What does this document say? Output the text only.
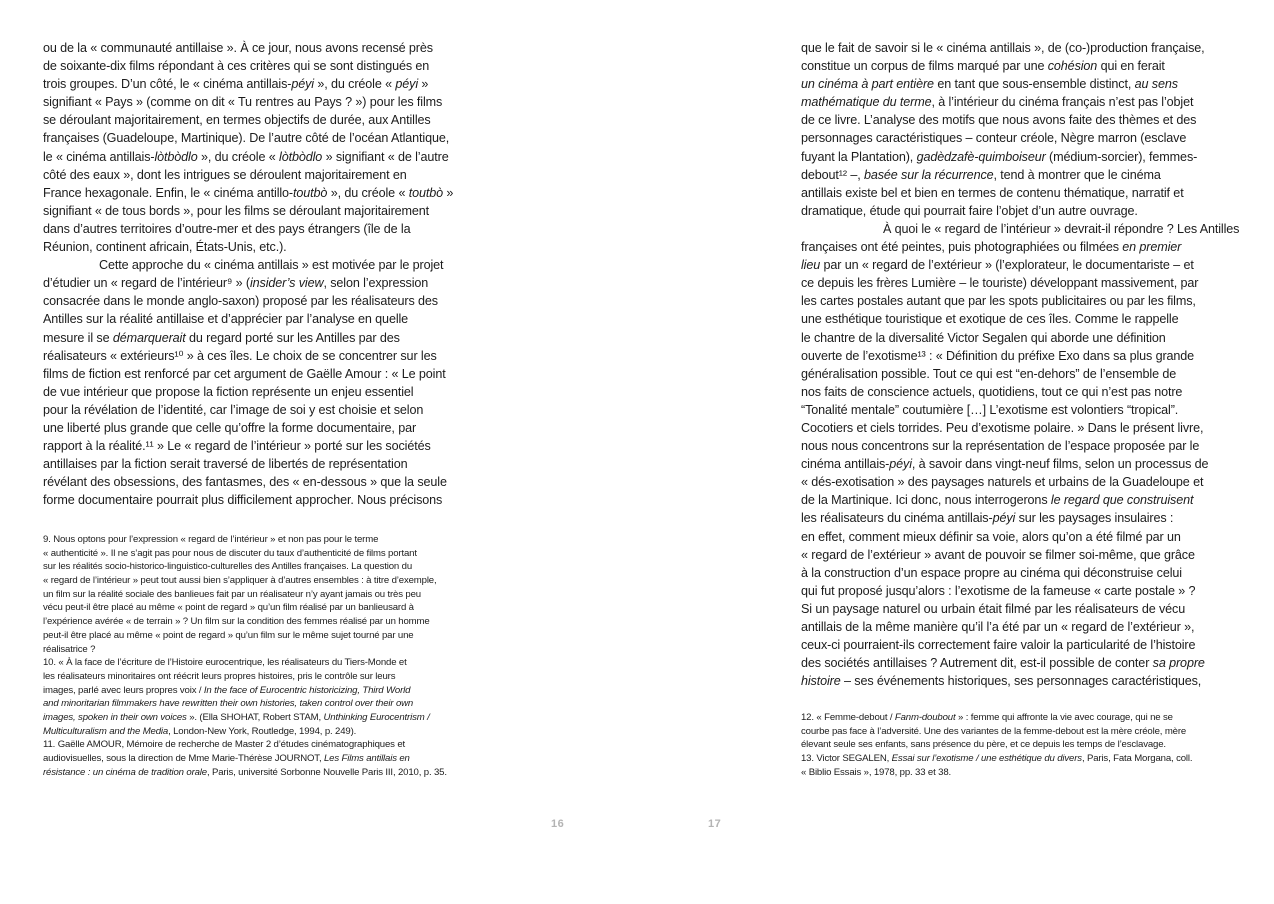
ou de la « communauté antillaise ». À ce jour, nous avons recensé près
de soixante-dix films répondant à ces critères qui se sont distingués en
trois groupes. D’un côté, le « cinéma antillais-péyi », du créole « péyi »
signifiant « Pays » (comme on dit « Tu rentres au Pays ? ») pour les films
se déroulant majoritairement, en termes objectifs de durée, aux Antilles
françaises (Guadeloupe, Martinique). De l’autre côté de l’océan Atlantique,
le « cinéma antillais-lòtbòdlo », du créole « lòtbòdlo » signifiant « de l’autre
côté des eaux », dont les intrigues se déroulent majoritairement en
France hexagonale. Enfin, le « cinéma antillo-toutbò », du créole « toutbò »
signifiant « de tous bords », pour les films se déroulant majoritairement
dans d’autres territoires d’outre-mer et des pays étrangers (île de la
Réunion, continent africain, États-Unis, etc.).
Cette approche du « cinéma antillais » est motivée par le projet
d’étudier un « regard de l’intérieur⁹ » (insider’s view, selon l’expression
consacrée dans le monde anglo-saxon) proposé par les réalisateurs des
Antilles sur la réalité antillaise et d’apprécier par l’analyse en quelle
mesure il se démarquerait du regard porté sur les Antilles par des
réalisateurs « extérieurs¹⁰ » à ces îles. Le choix de se concentrer sur les
films de fiction est renforcé par cet argument de Gaëlle Amour : « Le point
de vue intérieur que propose la fiction représente un enjeu essentiel
pour la révélation de l’identité, car l’image de soi y est choisie et selon
une liberté plus grande que celle qu’offre la forme documentaire, par
rapport à la réalité.¹¹ » Le « regard de l’intérieur » porté sur les sociétés
antillaises par la fiction serait traversé de libertés de représentation
révélant des obsessions, des fantasmes, des « en-dessous » que la seule
forme documentaire pourrait plus difficilement approcher. Nous précisons
9. Nous optons pour l’expression « regard de l’intérieur » et non pas pour le terme
« authenticité ». Il ne s’agit pas pour nous de discuter du taux d’authenticité de films portant
sur les réalités socio-historico-linguistico-culturelles des Antilles françaises. La question du
« regard de l’intérieur » peut tout aussi bien s’appliquer à d’autres ensembles : à titre d’exemple,
un film sur la réalité sociale des banlieues fait par un réalisateur n’y ayant jamais ou très peu
vécu peut-il être placé au même « point de regard » qu’un film réalisé par un banlieusard à
l’expérience avérée « de terrain » ? Un film sur la condition des femmes réalisé par un homme
peut-il être placé au même « point de regard » qu’un film sur le même sujet tourné par une
réalisatrice ?
10. « À la face de l’écriture de l’Histoire eurocentrique, les réalisateurs du Tiers-Monde et
les réalisateurs minoritaires ont réécrit leurs propres histoires, pris le contrôle sur leurs
images, parlé avec leurs propres voix / In the face of Eurocentric historicizing, Third World
and minoritarian filmmakers have rewritten their own histories, taken control over their own
images, spoken in their own voices ». (Ella SHOHAT, Robert STAM, Unthinking Eurocentrism /
Multiculturalism and the Media, London-New York, Routledge, 1994, p. 249).
11. Gaëlle AMOUR, Mémoire de recherche de Master 2 d’études cinématographiques et
audiovisuelles, sous la direction de Mme Marie-Thérèse JOURNOT, Les Films antillais en
résistance : un cinéma de tradition orale, Paris, université Sorbonne Nouvelle Paris III, 2010, p. 35.
16
que le fait de savoir si le « cinéma antillais », de (co-)production française,
constitue un corpus de films marqué par une cohésion qui en ferait
un cinéma à part entière en tant que sous-ensemble distinct, au sens
mathématique du terme, à l’intérieur du cinéma français n’est pas l’objet
de ce livre. L’analyse des motifs que nous avons faite des thèmes et des
personnages caractéristiques – conteur créole, Nègre marron (esclave
fuyant la Plantation), gadèdzafè-quimboiseur (médium-sorcier), femmes-
debout¹² –, basée sur la récurrence, tend à montrer que le cinéma
antillais existe bel et bien en termes de contenu thématique, narratif et
dramatique, étude qui pourrait faire l’objet d’un autre ouvrage.
À quoi le « regard de l’intérieur » devrait-il répondre ? Les Antilles
françaises ont été peintes, puis photographiées ou filmées en premier
lieu par un « regard de l’extérieur » (l’explorateur, le documentariste – et
ce depuis les frères Lumière – le touriste) développant massivement, par
les cartes postales autant que par les spots publicitaires ou par les films,
une esthétique touristique et exotique de ces îles. Comme le rappelle
le chantre de la diversalité Victor Segalen qui aborde une définition
ouverte de l’exotisme¹³ : « Définition du préfixe Exo dans sa plus grande
généralisation possible. Tout ce qui est “en-dehors” de l’ensemble de
nos faits de conscience actuels, quotidiens, tout ce qui n’est pas notre
“Tonalité mentale” coutumière […] L’exotisme est volontiers “tropical”.
Cocotiers et ciels torrides. Peu d’exotisme polaire. » Dans le présent livre,
nous nous concentrons sur la représentation de l’espace proposée par le
cinéma antillais-péyi, à savoir dans vingt-neuf films, selon un processus de
« dés-exotisation » des paysages naturels et urbains de la Guadeloupe et
de la Martinique. Ici donc, nous interrogerons le regard que construisent
les réalisateurs du cinéma antillais-péyi sur les paysages insulaires :
en effet, comment mieux définir sa voie, alors qu’on a été filmé par un
« regard de l’extérieur » avant de pouvoir se filmer soi-même, que grâce
à la construction d’un espace propre au cinéma qui déconstruise celui
qui fut proposé jusqu’alors : l’exotisme de la fameuse « carte postale » ?
Si un paysage naturel ou urbain était filmé par les réalisateurs de vécu
antillais de la même manière qu’il l’a été par un « regard de l’extérieur »,
ceux-ci pourraient-ils correctement faire valoir la particularité de l’histoire
des sociétés antillaises ? Autrement dit, est-il possible de conter sa propre
histoire – ses événements historiques, ses personnages caractéristiques,
12. « Femme-debout / Fanm-doubout » : femme qui affronte la vie avec courage, qui ne se
courbe pas face à l’adversité. Une des variantes de la femme-debout est la mère créole, mère
élevant seule ses enfants, sans présence du père, et ce depuis les temps de l’esclavage.
13. Victor SEGALEN, Essai sur l’exotisme / une esthétique du divers, Paris, Fata Morgana, coll.
« Biblio Essais », 1978, pp. 33 et 38.
17
